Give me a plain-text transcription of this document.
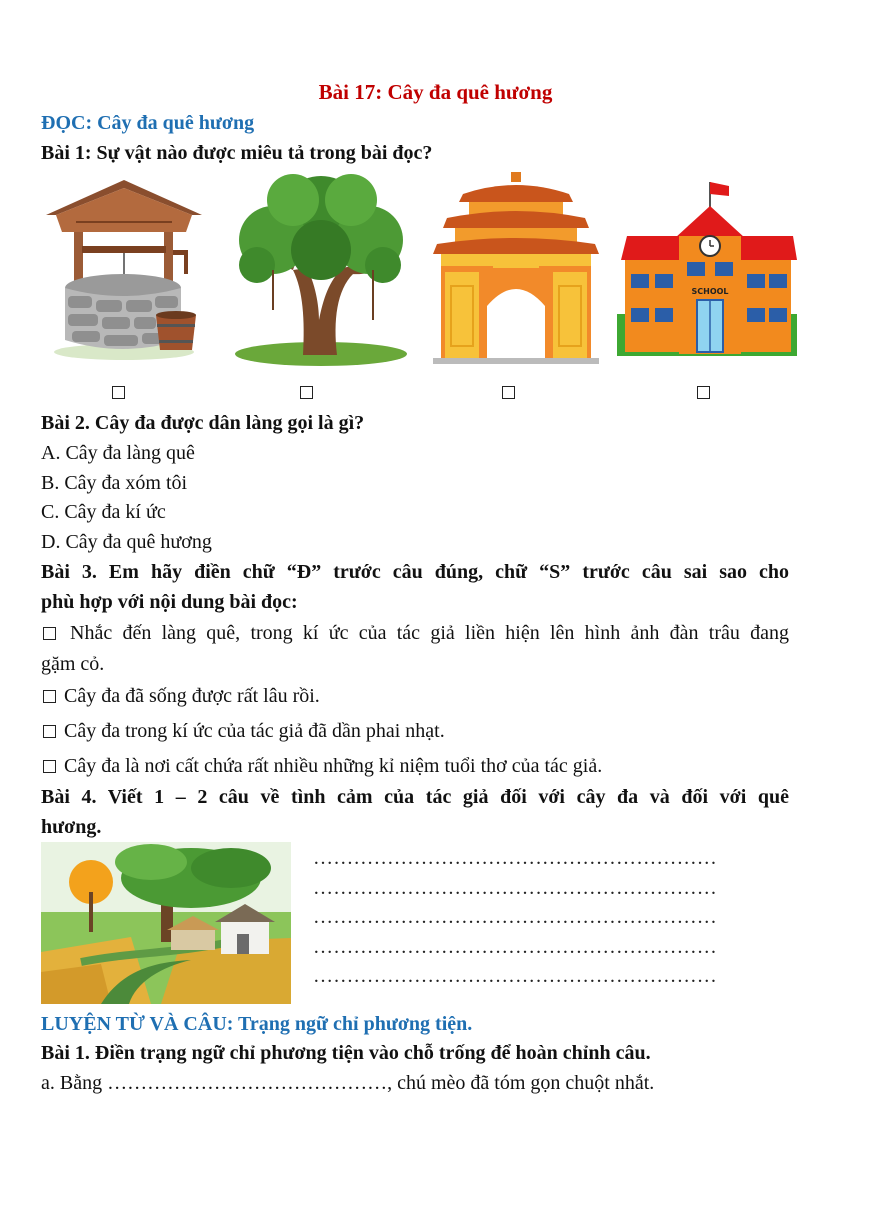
Bài 17: Cây đa quê hương
ĐỌC: Cây đa quê hương
Bài 1: Sự vật nào được miêu tả trong bài đọc?
SCHOOL
Bài 2. Cây đa được dân làng gọi là gì?
A. Cây đa làng quê
B. Cây đa xóm tôi
C. Cây đa kí ức
D. Cây đa quê hương
Bài 3. Em hãy điền chữ “Đ” trước câu đúng, chữ “S” trước câu sai sao cho
phù hợp với nội dung bài đọc:
Nhắc đến làng quê, trong kí ức của tác giả liền hiện lên hình ảnh đàn trâu đang
gặm cỏ.
Cây đa đã sống được rất lâu rồi.
Cây đa trong kí ức của tác giả đã dần phai nhạt.
Cây đa là nơi cất chứa rất nhiều những kỉ niệm tuổi thơ của tác giả.
Bài 4. Viết 1 – 2 câu về tình cảm của tác giả đối với cây đa và đối với quê
hương.
……………………………………………………
……………………………………………………
……………………………………………………
……………………………………………………
……………………………………………………
LUYỆN TỪ VÀ CÂU: Trạng ngữ chỉ phương tiện.
Bài 1. Điền trạng ngữ chỉ phương tiện vào chỗ trống để hoàn chỉnh câu.
a. Bằng ……………………………………, chú mèo đã tóm gọn chuột nhắt.
